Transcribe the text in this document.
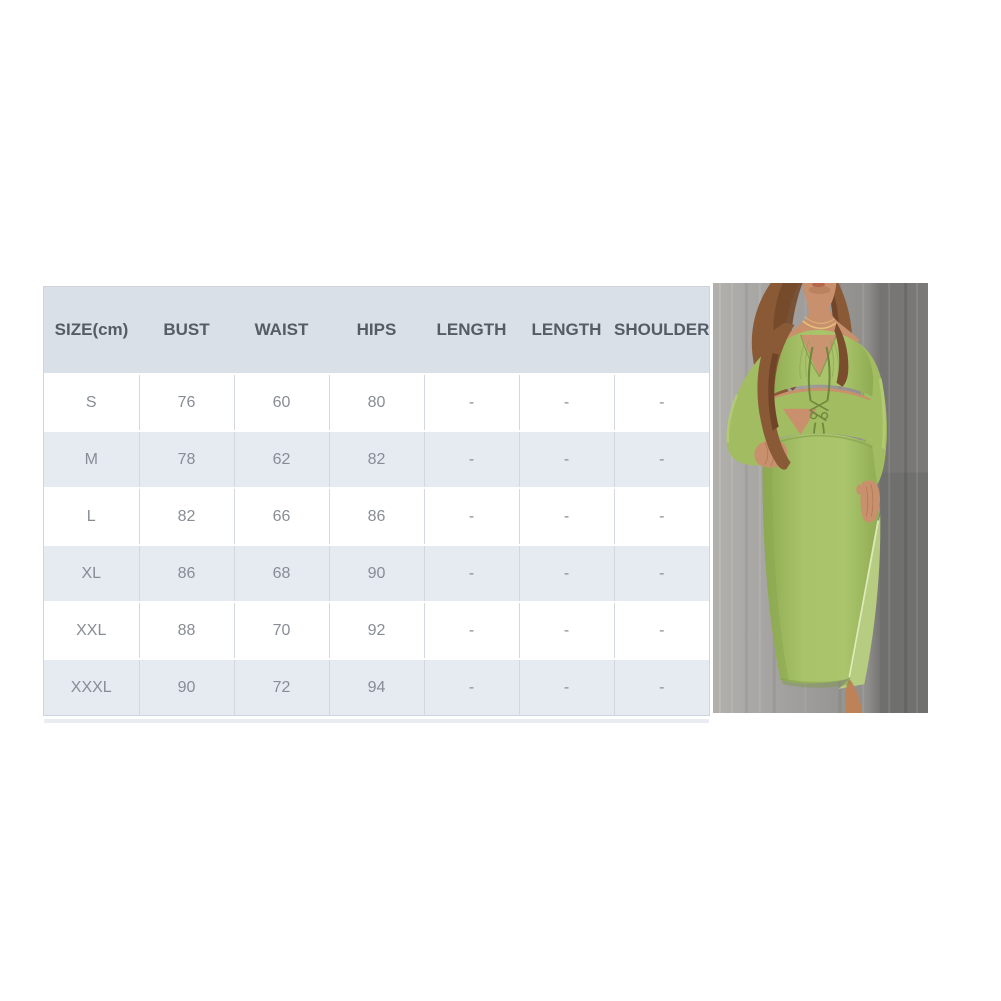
SIZE(cm)	BUST	WAIST	HIPS	LENGTH	LENGTH	SHOULDER
S	76	60	80	-	-	-
M	78	62	82	-	-	-
L	82	66	86	-	-	-
XL	86	68	90	-	-	-
XXL	88	70	92	-	-	-
XXXL	90	72	94	-	-	-
